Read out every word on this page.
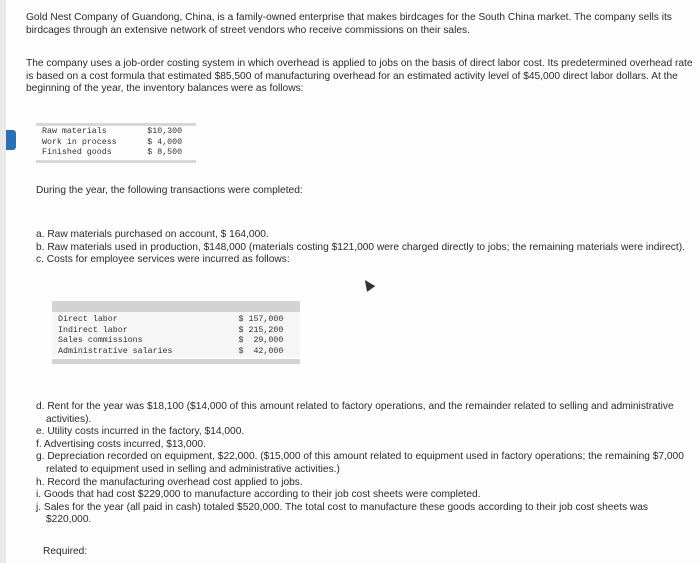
Gold Nest Company of Guandong, China, is a family-owned enterprise that makes birdcages for the South China market. The company sells its birdcages through an extensive network of street vendors who receive commissions on their sales.
The company uses a job-order costing system in which overhead is applied to jobs on the basis of direct labor cost. Its predetermined overhead rate is based on a cost formula that estimated $85,500 of manufacturing overhead for an estimated activity level of $45,000 direct labor dollars. At the beginning of the year, the inventory balances were as follows:
Raw materials	$10,300
Work in process	$ 4,000
Finished goods	$ 8,500
During the year, the following transactions were completed:
a. Raw materials purchased on account, $ 164,000.
b. Raw materials used in production, $148,000 (materials costing $121,000 were charged directly to jobs; the remaining materials were indirect).
c. Costs for employee services were incurred as follows:
Direct labor	$ 157,000
Indirect labor	$ 215,200
Sales commissions	$  29,000
Administrative salaries	$  42,000
d. Rent for the year was $18,100 ($14,000 of this amount related to factory operations, and the remainder related to selling and administrative activities).
e. Utility costs incurred in the factory, $14,000.
f. Advertising costs incurred, $13,000.
g. Depreciation recorded on equipment, $22,000. ($15,000 of this amount related to equipment used in factory operations; the remaining $7,000 related to equipment used in selling and administrative activities.)
h. Record the manufacturing overhead cost applied to jobs.
i. Goods that had cost $229,000 to manufacture according to their job cost sheets were completed.
j. Sales for the year (all paid in cash) totaled $520,000. The total cost to manufacture these goods according to their job cost sheets was $220,000.
Required:
